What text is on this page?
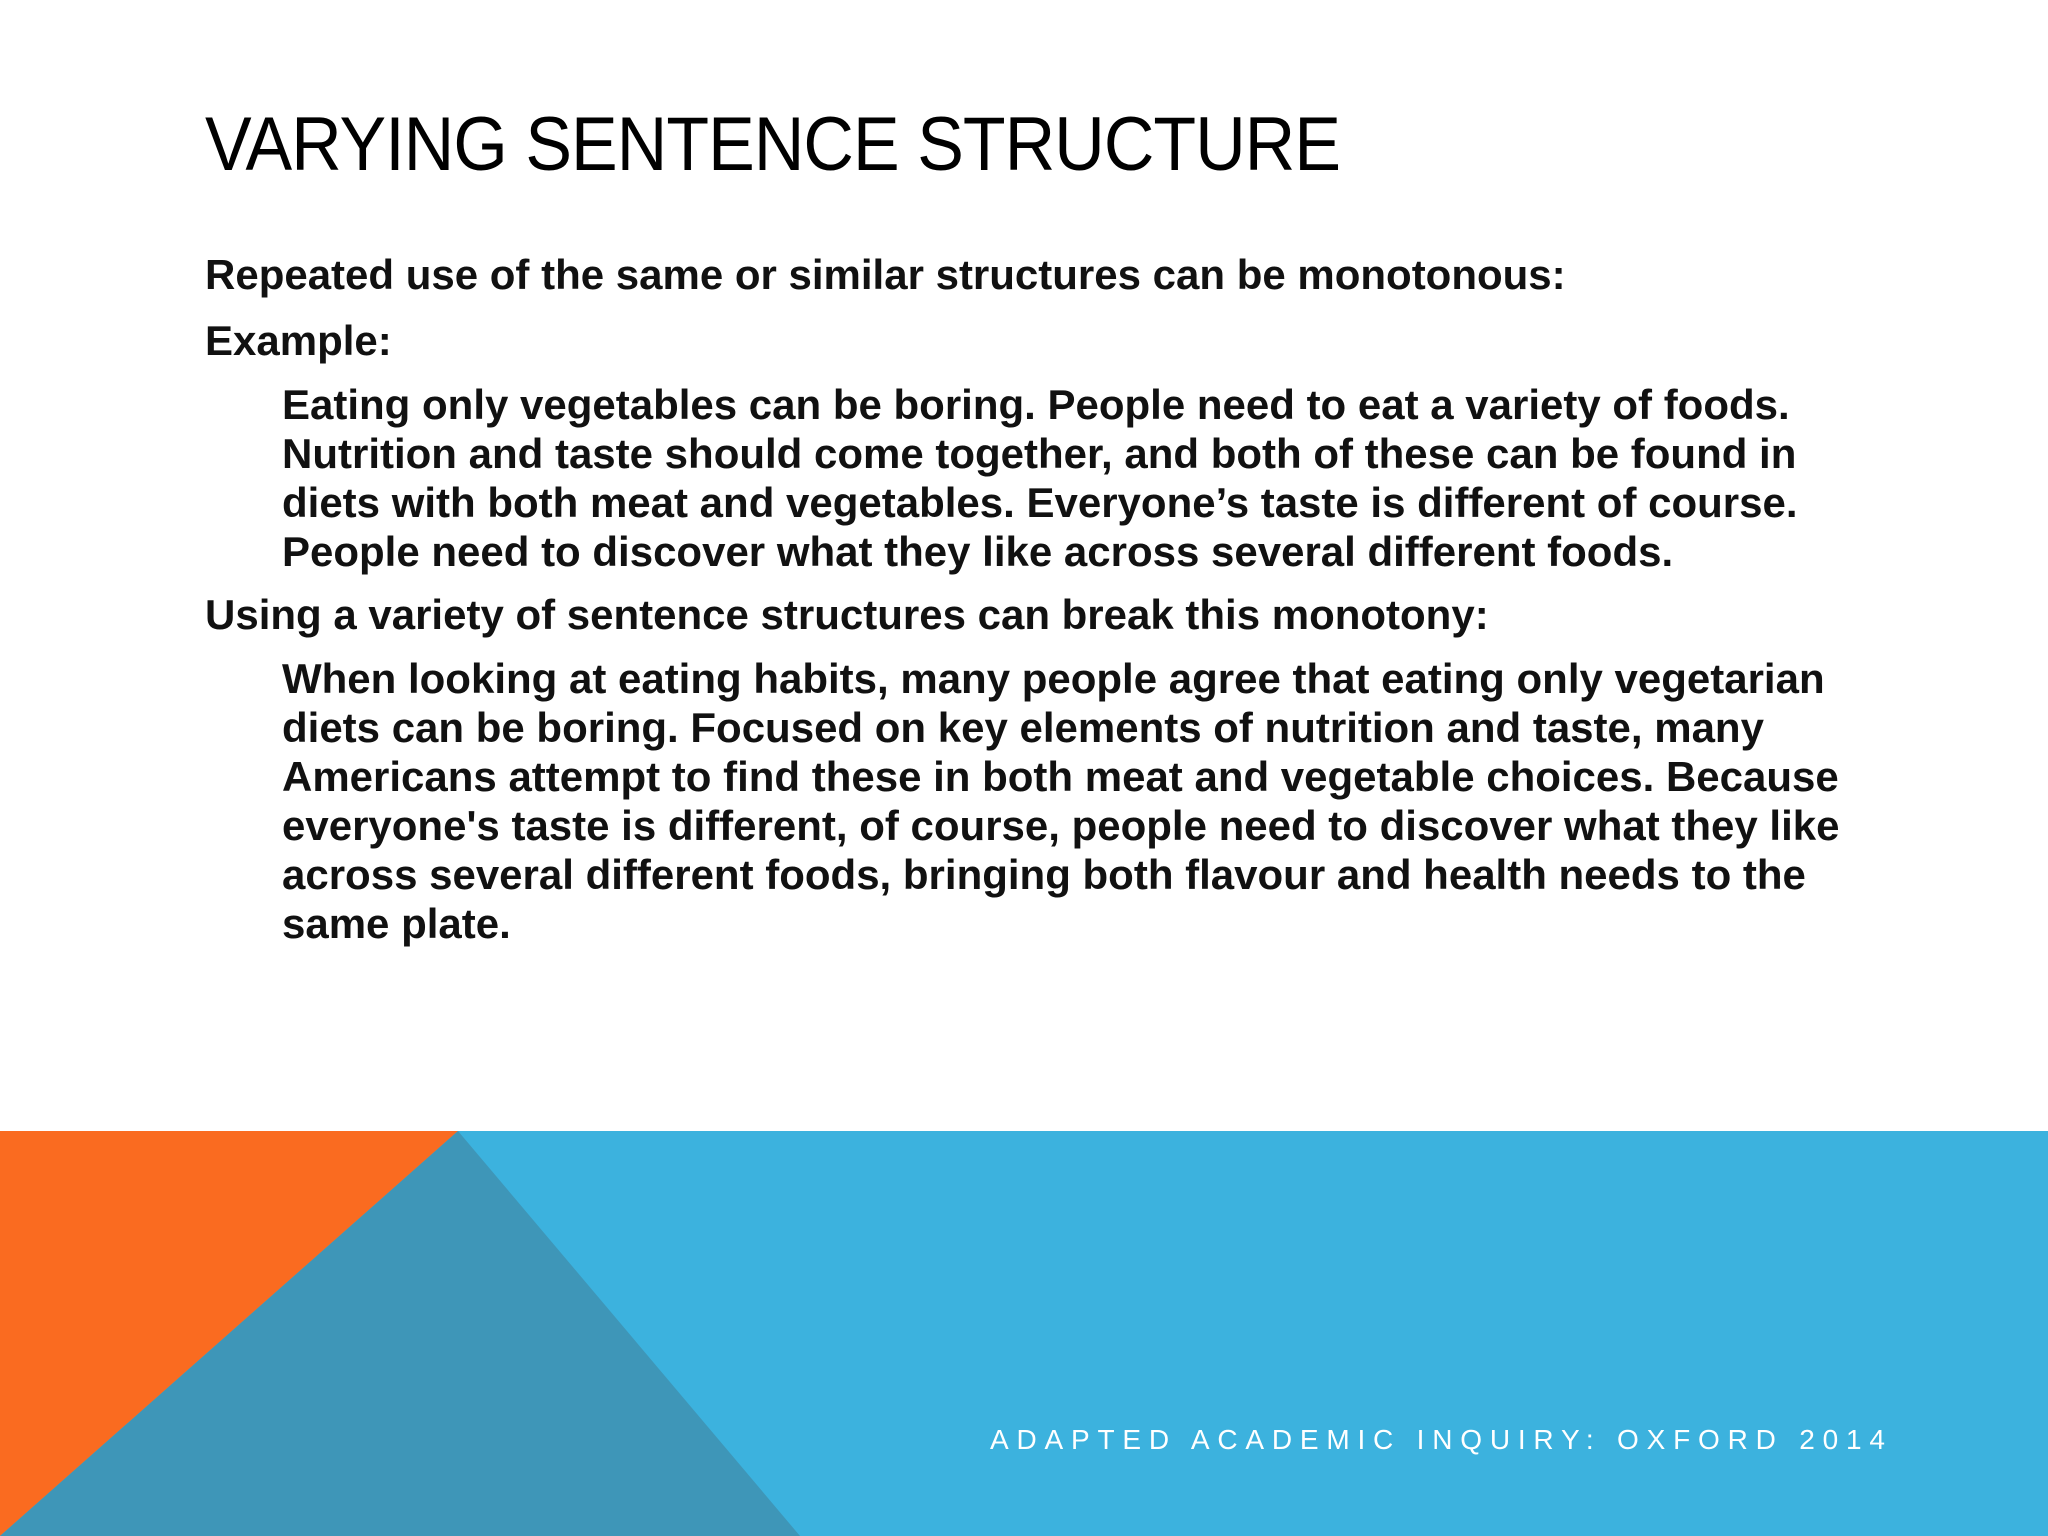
VARYING SENTENCE STRUCTURE

Repeated use of the same or similar structures can be monotonous:

Example:

Eating only vegetables can be boring. People need to eat a variety of foods. Nutrition and taste should come together, and both of these can be found in diets with both meat and vegetables. Everyone’s taste is different of course. People need to discover what they like across several different foods.

Using a variety of sentence structures can break this monotony:

When looking at eating habits, many people agree that eating only vegetarian diets can be boring. Focused on key elements of nutrition and taste, many Americans attempt to find these in both meat and vegetable choices. Because everyone's taste is different, of course, people need to discover what they like across several different foods, bringing both flavour and health needs to the same plate.

ADAPTED ACADEMIC INQUIRY: OXFORD 2014
